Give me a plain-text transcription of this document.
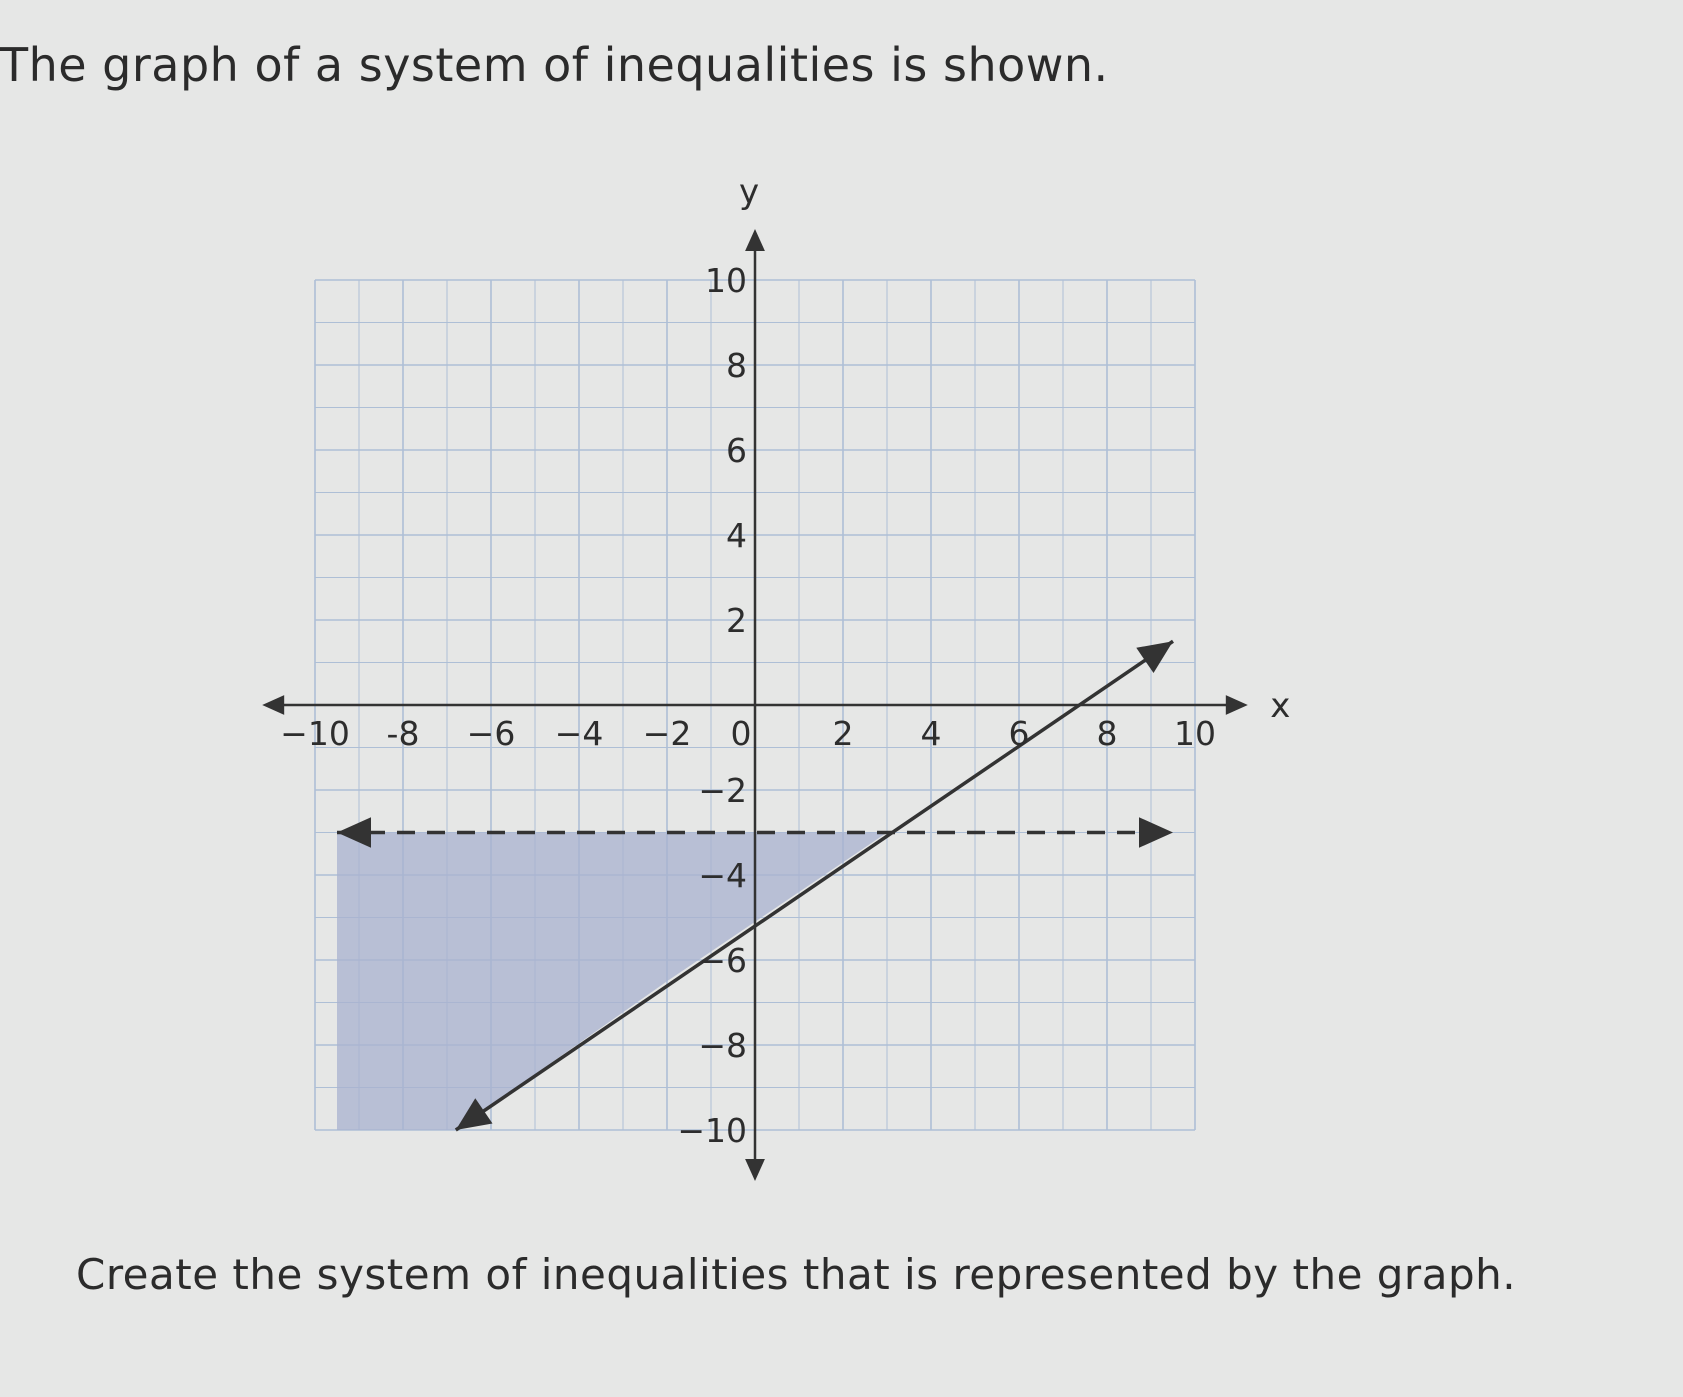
The graph of a system of inequalities is shown.
−10 -8 −6 −4 −2 0 2 4 6 8 10
10
8
6
4
2
−2
−4
−6
−8
−10
x
y
Create the system of inequalities that is represented by the graph.
